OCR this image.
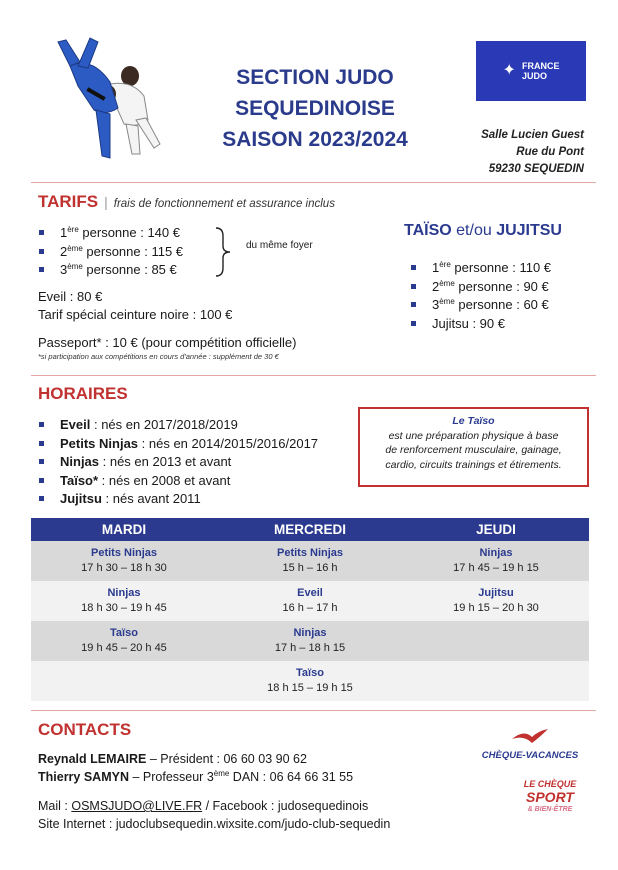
SECTION JUDO
SEQUEDINOISE
SAISON 2023/2024
✦ FRANCE
JUDO
Salle Lucien Guest
Rue du Pont
59230 SEQUEDIN
TARIFS | frais de fonctionnement et assurance inclus
1ère personne : 140 €
2ème personne : 115 €
3ème personne : 85 €
du même foyer
Eveil : 80 €
Tarif spécial ceinture noire : 100 €
Passeport* : 10 € (pour compétition officielle)
*si participation aux compétitions en cours d'année : supplément de 30 €
TAÏSO et/ou JUJITSU
1ère personne : 110 €
2ème personne : 90 €
3ème personne : 60 €
Jujitsu : 90 €
HORAIRES
Eveil : nés en 2017/2018/2019
Petits Ninjas : nés en 2014/2015/2016/2017
Ninjas : nés en 2013 et avant
Taïso* : nés en 2008 et avant
Jujitsu : nés avant 2011
Le Taïso
est une préparation physique à base
de renforcement musculaire, gainage,
cardio, circuits trainings et étirements.
MARDI	MERCREDI	JEUDI
Petits Ninjas
17 h 30 – 18 h 30
Petits Ninjas
15 h – 16 h
Ninjas
17 h 45 – 19 h 15
Ninjas
18 h 30 – 19 h 45
Eveil
16 h – 17 h
Jujitsu
19 h 15 – 20 h 30
Taïso
19 h 45 – 20 h 45
Ninjas
17 h – 18 h 15
Taïso
18 h 15 – 19 h 15
CONTACTS
Reynald LEMAIRE – Président : 06 60 03 90 62
Thierry SAMYN – Professeur 3ème DAN : 06 64 66 31 55
Mail : OSMSJUDO@LIVE.FR / Facebook : judosequedinois
Site Internet : judoclubsequedin.wixsite.com/judo-club-sequedin
CHÈQUE-VACANCES
LE CHÈQUE
SPORT
& BIEN-ÊTRE
